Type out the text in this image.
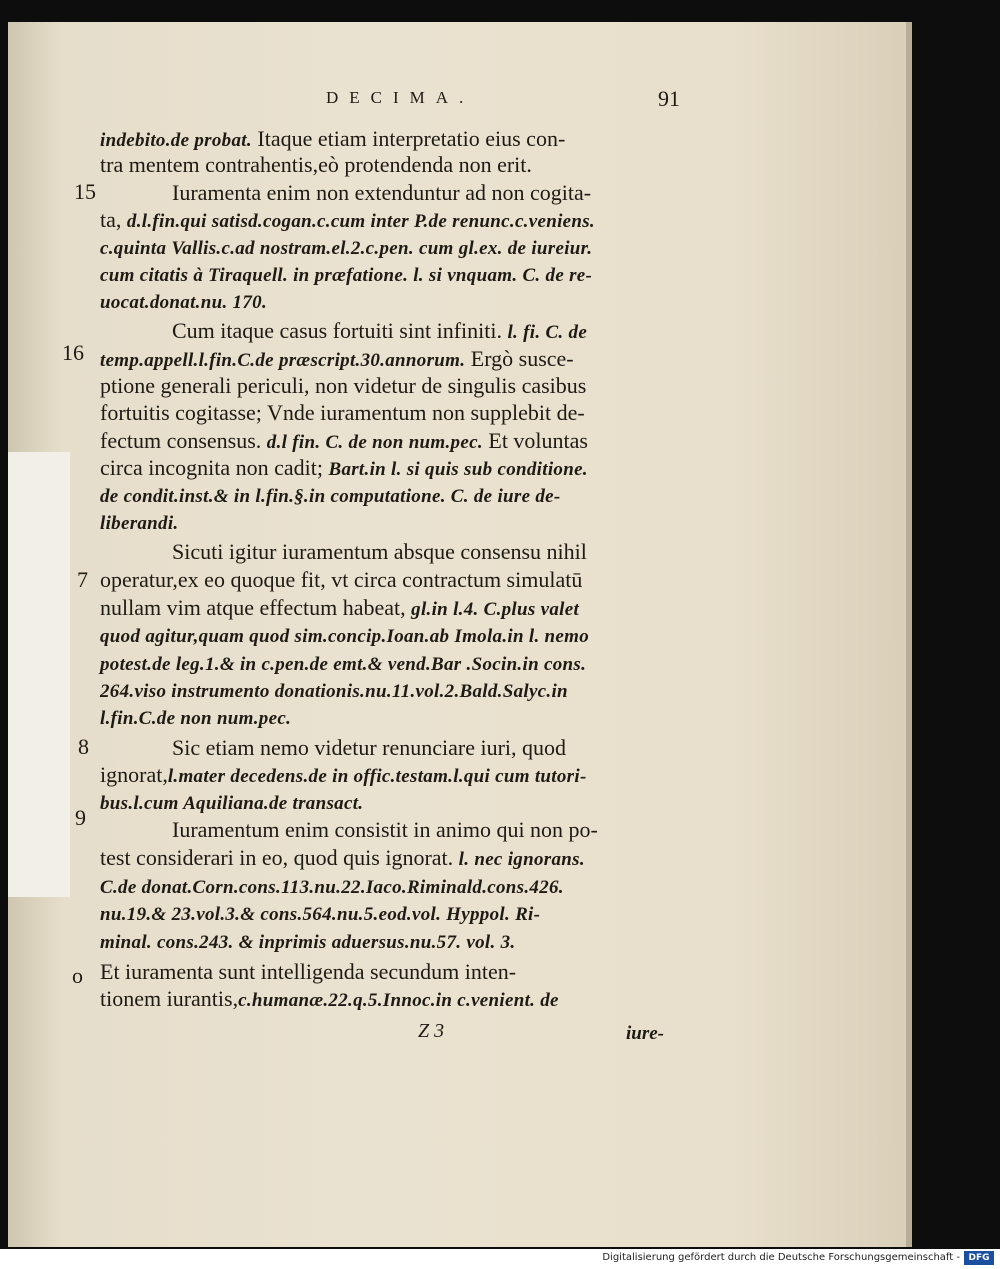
DECIMA.	91
15
16
7
8
9
o
indebito.de probat. Itaque etiam interpretatio eius con-
tra mentem contrahentis,eò protendenda non erit.
Iuramenta enim non extenduntur ad non cogita-
ta, d.l.fin.qui satisd.cogan.c.cum inter P.de renunc.c.veniens.
c.quinta Vallis.c.ad nostram.el.2.c.pen. cum gl.ex. de iureiur.
cum citatis à Tiraquell. in præfatione. l. si vnquam. C. de re-
uocat.donat.nu. 170.
Cum itaque casus fortuiti sint infiniti. l. fi. C. de
temp.appell.l.fin.C.de præscript.30.annorum. Ergò susce-
ptione generali periculi, non videtur de singulis casibus
fortuitis cogitasse; Vnde iuramentum non supplebit de-
fectum consensus. d.l fin. C. de non num.pec. Et voluntas
circa incognita non cadit; Bart.in l. si quis sub conditione.
de condit.inst.& in l.fin.§.in computatione. C. de iure de-
liberandi.
Sicuti igitur iuramentum absque consensu nihil
operatur,ex eo quoque fit, vt circa contractum simulatū
nullam vim atque effectum habeat, gl.in l.4. C.plus valet
quod agitur,quam quod sim.concip.Ioan.ab Imola.in l. nemo
potest.de leg.1.& in c.pen.de emt.& vend.Bar .Socin.in cons.
264.viso instrumento donationis.nu.11.vol.2.Bald.Salyc.in
l.fin.C.de non num.pec.
Sic etiam nemo videtur renunciare iuri, quod
ignorat,l.mater decedens.de in offic.testam.l.qui cum tutori-
bus.l.cum Aquiliana.de transact.
Iuramentum enim consistit in animo qui non po-
test considerari in eo, quod quis ignorat. l. nec ignorans.
C.de donat.Corn.cons.113.nu.22.Iaco.Riminald.cons.426.
nu.19.& 23.vol.3.& cons.564.nu.5.eod.vol. Hyppol. Ri-
minal. cons.243. & inprimis aduersus.nu.57. vol. 3.
Et iuramenta sunt intelligenda secundum inten-
tionem iurantis,c.humanæ.22.q.5.Innoc.in c.venient. de
Z 3	iure-
Digitalisierung gefördert durch die Deutsche Forschungsgemeinschaft - DFG
